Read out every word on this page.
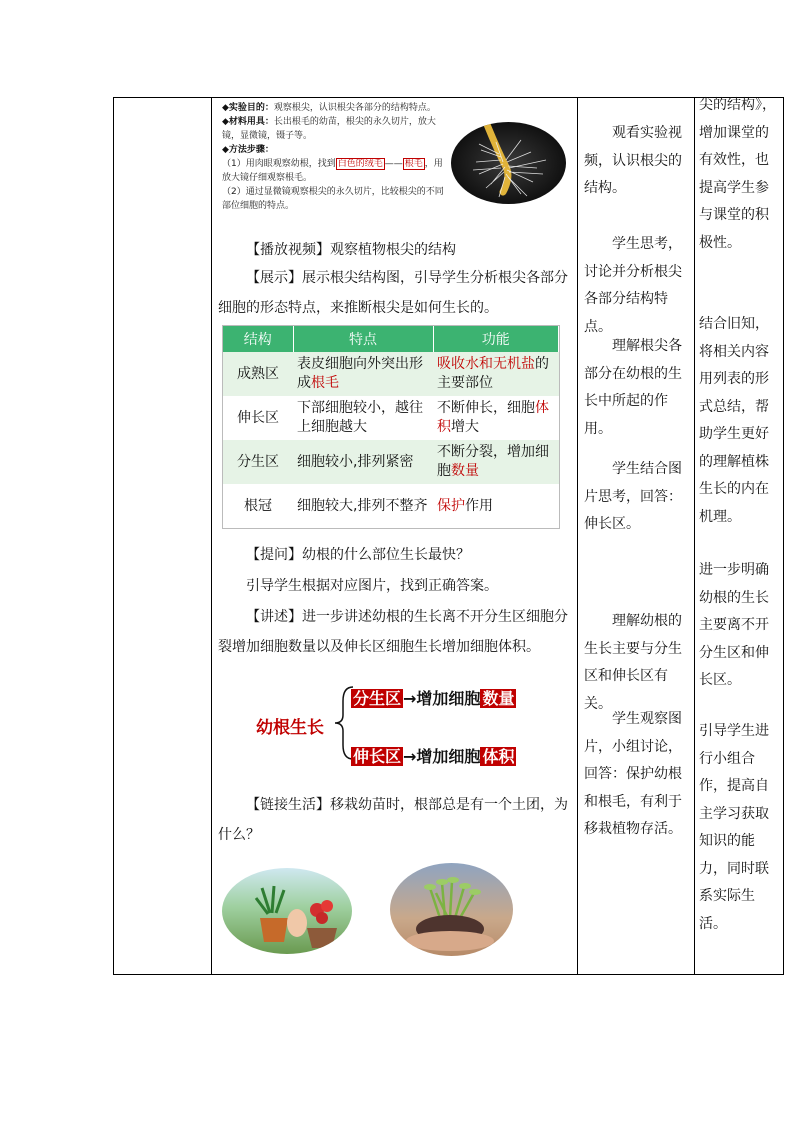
◆实验目的：观察根尖，认识根尖各部分的结构特点。
◆材料用具：长出根毛的幼苗，根尖的永久切片，放大镜，显微镜，镊子等。
◆方法步骤：
（1）用肉眼观察幼根，找到 白色的绒毛 —— 根毛 ，用放大镜仔细观察根毛。
（2）通过显微镜观察根尖的永久切片，比较根尖的不同部位细胞的特点。

【播放视频】观察植物根尖的结构

【展示】展示根尖结构图，引导学生分析根尖各部分细胞的形态特点，来推断根尖是如何生长的。

结构	特点	功能
成熟区	表皮细胞向外突出形成根毛	吸收水和无机盐的主要部位
伸长区	下部细胞较小，越往上细胞越大	不断伸长，细胞体积增大
分生区	细胞较小,排列紧密	不断分裂，增加细胞数量
根冠	细胞较大,排列不整齐	保护作用

【提问】幼根的什么部位生长最快？

引导学生根据对应图片，找到正确答案。

【讲述】进一步讲述幼根的生长离不开分生区细胞分裂增加细胞数量以及伸长区细胞生长增加细胞体积。

幼根生长
分生区 →增加细胞 数量
伸长区 →增加细胞 体积

【链接生活】移栽幼苗时，根部总是有一个土团，为什么？

观看实验视频，认识根尖的结构。

学生思考，讨论并分析根尖各部分结构特点。

理解根尖各部分在幼根的生长中所起的作用。

学生结合图片思考，回答：伸长区。

理解幼根的生长主要与分生区和伸长区有关。

学生观察图片，小组讨论，回答：保护幼根和根毛，有利于移栽植物存活。

尖的结构》，增加课堂的有效性，也提高学生参与课堂的积极性。

结合旧知，将相关内容用列表的形式总结，帮助学生更好的理解植株生长的内在机理。

进一步明确幼根的生长主要离不开分生区和伸长区。

引导学生进行小组合作，提高自主学习获取知识的能力，同时联系实际生活。
